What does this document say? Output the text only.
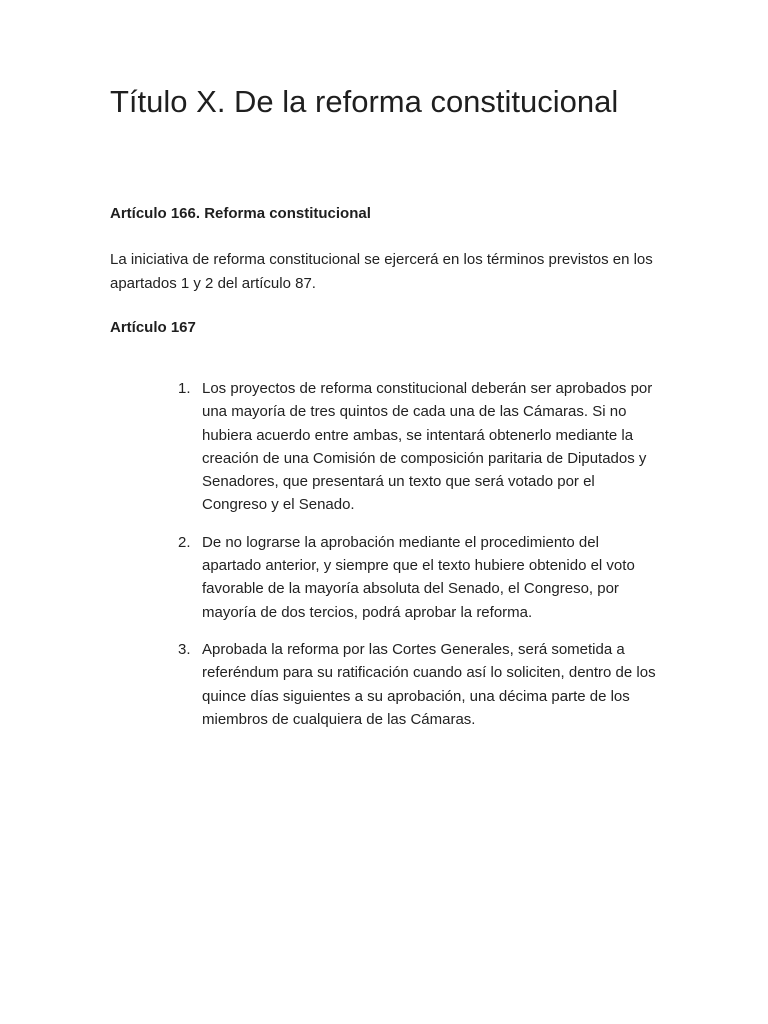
Título X. De la reforma constitucional
Artículo 166. Reforma constitucional

La iniciativa de reforma constitucional se ejercerá en los términos previstos en los apartados 1 y 2 del artículo 87.

Artículo 167
1. Los proyectos de reforma constitucional deberán ser aprobados por una mayoría de tres quintos de cada una de las Cámaras. Si no hubiera acuerdo entre ambas, se intentará obtenerlo mediante la creación de una Comisión de composición paritaria de Diputados y Senadores, que presentará un texto que será votado por el Congreso y el Senado.
2. De no lograrse la aprobación mediante el procedimiento del apartado anterior, y siempre que el texto hubiere obtenido el voto favorable de la mayoría absoluta del Senado, el Congreso, por mayoría de dos tercios, podrá aprobar la reforma.
3. Aprobada la reforma por las Cortes Generales, será sometida a referéndum para su ratificación cuando así lo soliciten, dentro de los quince días siguientes a su aprobación, una décima parte de los miembros de cualquiera de las Cámaras.
